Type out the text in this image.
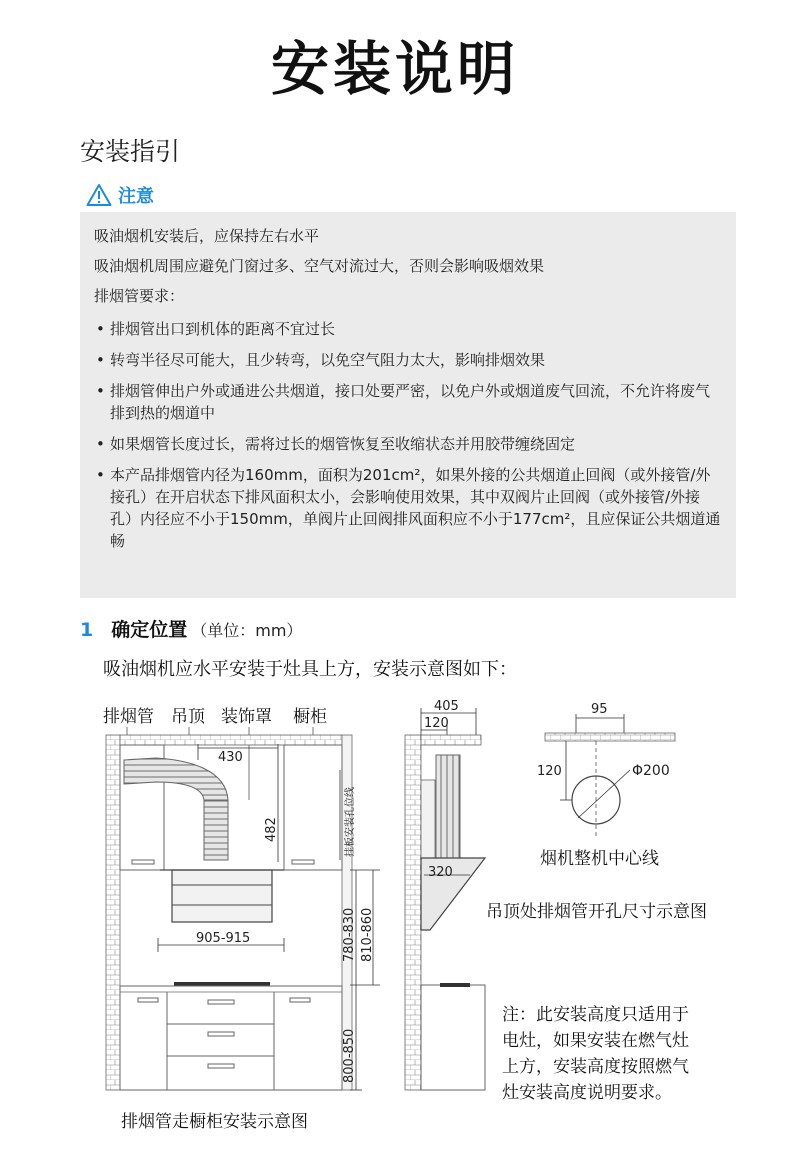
安装说明
安装指引
注意
吸油烟机安装后，应保持左右水平
吸油烟机周围应避免门窗过多、空气对流过大，否则会影响吸烟效果
排烟管要求：
• 排烟管出口到机体的距离不宜过长
• 转弯半径尽可能大，且少转弯，以免空气阻力太大，影响排烟效果
• 排烟管伸出户外或通进公共烟道，接口处要严密，以免户外或烟道废气回流，不允许将废气排到热的烟道中
• 如果烟管长度过长，需将过长的烟管恢复至收缩状态并用胶带缠绕固定
• 本产品排烟管内径为160mm，面积为201cm²，如果外接的公共烟道止回阀（或外接管/外接孔）在开启状态下排风面积太小，会影响使用效果，其中双阀片止回阀（或外接管/外接孔）内径应不小于150mm，单阀片止回阀排风面积应不小于177cm²，且应保证公共烟道通畅
1 确定位置 （单位：mm）
吸油烟机应水平安装于灶具上方，安装示意图如下：
排烟管 吊顶 装饰罩 橱柜
430
482	挂板安装孔位线
905-915	780-830 810-860
800-850
排烟管走橱柜安装示意图
405
120
320
95
120	Φ200
烟机整机中心线
吊顶处排烟管开孔尺寸示意图
注：此安装高度只适用于
电灶，如果安装在燃气灶
上方，安装高度按照燃气
灶安装高度说明要求。
